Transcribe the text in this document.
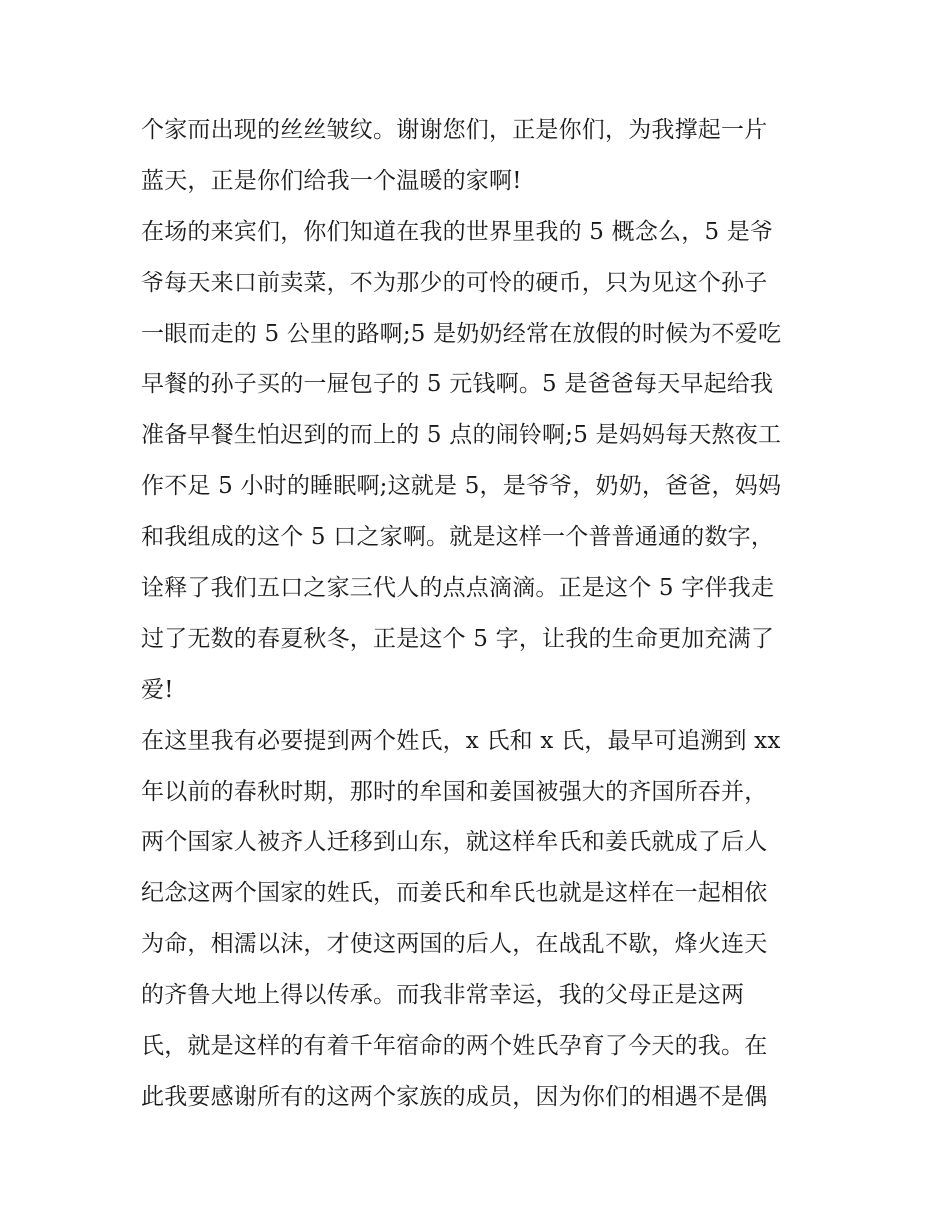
个家而出现的丝丝皱纹。谢谢您们，正是你们，为我撑起一片
蓝天，正是你们给我一个温暖的家啊!
在场的来宾们，你们知道在我的世界里我的 5 概念么，5 是爷
爷每天来口前卖菜，不为那少的可怜的硬币，只为见这个孙子
一眼而走的 5 公里的路啊;5 是奶奶经常在放假的时候为不爱吃
早餐的孙子买的一屉包子的 5 元钱啊。5 是爸爸每天早起给我
准备早餐生怕迟到的而上的 5 点的闹铃啊;5 是妈妈每天熬夜工
作不足 5 小时的睡眠啊;这就是 5，是爷爷，奶奶，爸爸，妈妈
和我组成的这个 5 口之家啊。就是这样一个普普通通的数字，
诠释了我们五口之家三代人的点点滴滴。正是这个 5 字伴我走
过了无数的春夏秋冬，正是这个 5 字，让我的生命更加充满了
爱!
在这里我有必要提到两个姓氏，x 氏和 x 氏，最早可追溯到 xx
年以前的春秋时期，那时的牟国和姜国被强大的齐国所吞并，
两个国家人被齐人迁移到山东，就这样牟氏和姜氏就成了后人
纪念这两个国家的姓氏，而姜氏和牟氏也就是这样在一起相依
为命，相濡以沫，才使这两国的后人，在战乱不歇，烽火连天
的齐鲁大地上得以传承。而我非常幸运，我的父母正是这两
氏，就是这样的有着千年宿命的两个姓氏孕育了今天的我。在
此我要感谢所有的这两个家族的成员，因为你们的相遇不是偶
